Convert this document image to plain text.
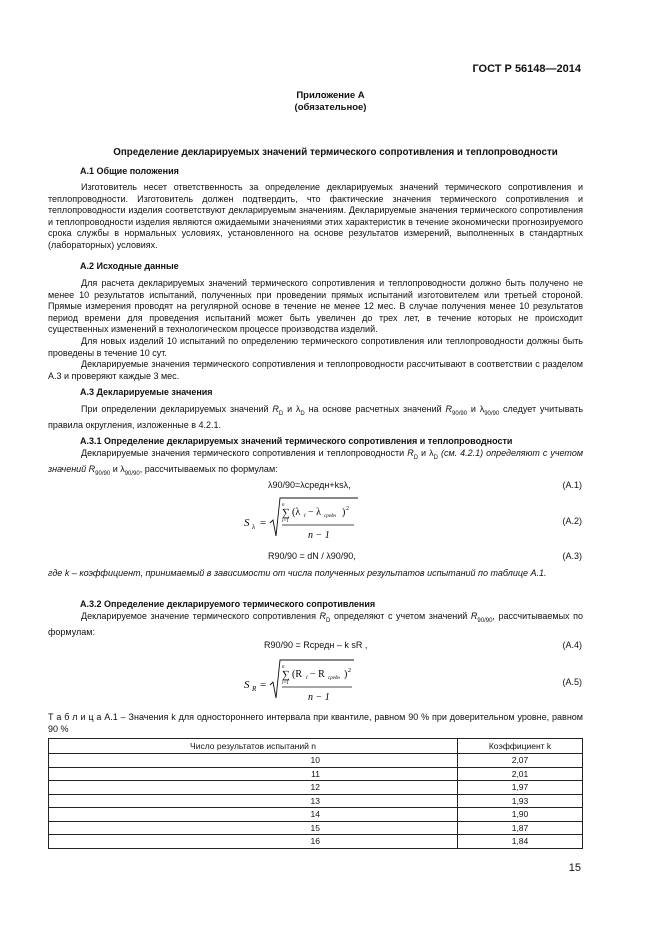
ГОСТ Р 56148—2014
Приложение А
(обязательное)
Определение декларируемых значений термического сопротивления и теплопроводности
А.1 Общие положения

Изготовитель несет ответственность за определение декларируемых значений термического сопротивления и теплопроводности. Изготовитель должен подтвердить, что фактические значения термического сопротивления и теплопроводности изделия соответствуют декларируемым значениям. Декларируемые значения термического сопротивления и теплопроводности изделия являются ожидаемыми значениями этих характеристик в течение экономически прогнозируемого срока службы в нормальных условиях, установленного на основе результатов измерений, выполненных в стандартных (лабораторных) условиях.

А.2 Исходные данные

Для расчета декларируемых значений термического сопротивления и теплопроводности должно быть получено не менее 10 результатов испытаний, полученных при проведении прямых испытаний изготовителем или третьей стороной. Прямые измерения проводят на регулярной основе в течение не менее 12 мес. В случае получения менее 10 результатов период времени для проведения испытаний может быть увеличен до трех лет, в течение которых не происходит существенных изменений в технологическом процессе производства изделий.

Для новых изделий 10 испытаний по определению термического сопротивления или теплопроводности должны быть проведены в течение 10 сут.

Декларируемые значения термического сопротивления и теплопроводности рассчитывают в соответствии с разделом А.3 и проверяют каждые 3 мес.

А.3 Декларируемые значения

При определении декларируемых значений $R_D$ и $\lambda_D$ на основе расчетных значений $R_{90/90}$ и $\lambda_{90/90}$ следует учитывать правила округления, изложенные в 4.2.1.

А.3.1 Определение декларируемых значений термического сопротивления и теплопроводности

Декларируемые значения термического сопротивления и теплопроводности $R_D$ и $\lambda_D$ (см. 4.2.1) определяют с учетом значений $R_{90/90}$ и $\lambda_{90/90}$, рассчитываемых по формулам:

λ90/90=λсредн+ksλ,	(А.1)
S λ =
n
∑
i=1
(λ i − λ средн ) 2
n − 1
(А.2)
R90/90 = dN / λ90/90,	(А.3)

где k – коэффициент, принимаемый в зависимости от числа полученных результатов испытаний по таблице А.1.

А.3.2 Определение декларируемого термического сопротивления

Декларируемое значение термического сопротивления $R_D$ определяют с учетом значений $R_{90/90}$, рассчитываемых по формулам:

R90/90 = Rсредн – k sR ,	(А.4)
S R =
n
∑
i=1
(R i − R средн ) 2
n − 1
(А.5)

Т а б л и ц а А.1 – Значения k для одностороннего интервала при квантиле, равном 90 % при доверительном уровне, равном 90 %

Число результатов испытаний n	Коэффициент k
10	2,07
11	2,01
12	1,97
13	1,93
14	1,90
15	1,87
16	1,84
15
